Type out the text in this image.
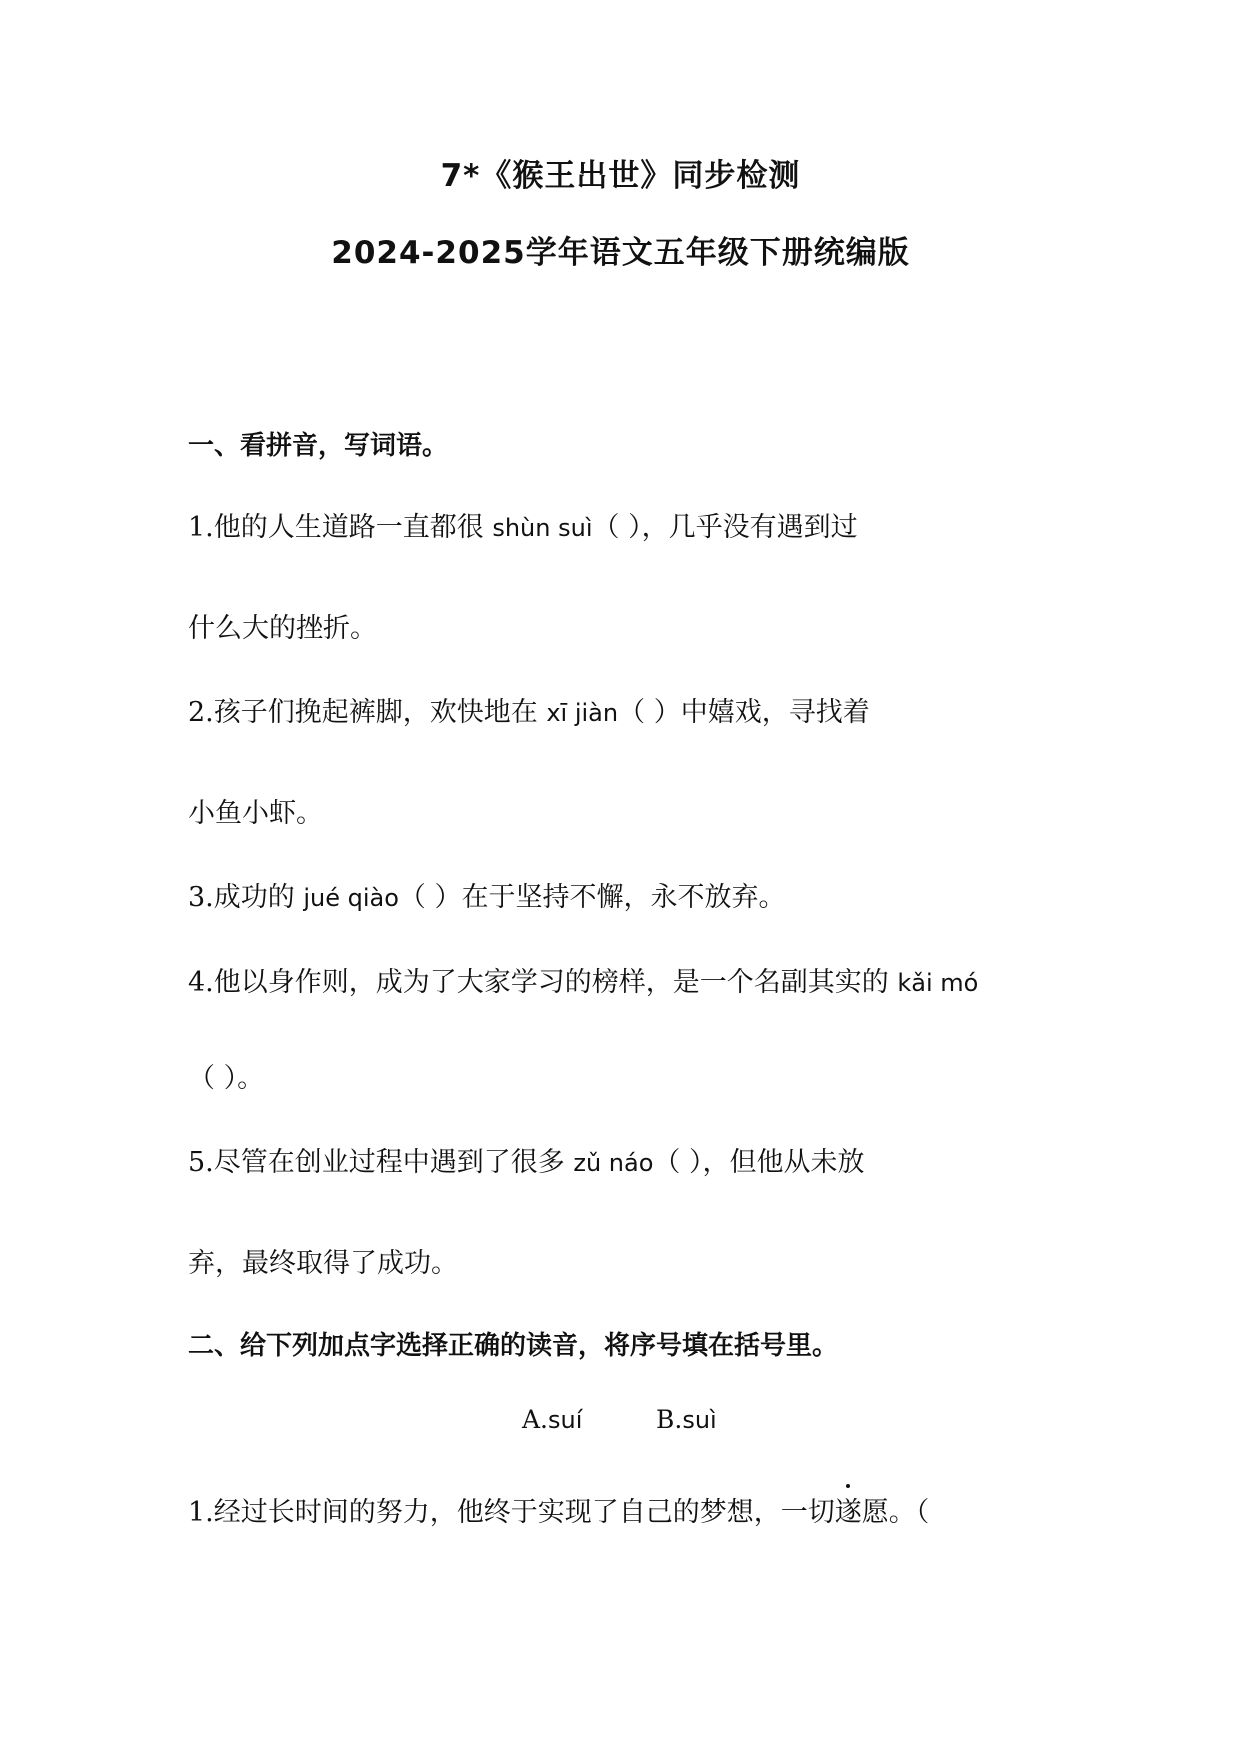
7*《猴王出世》同步检测
2024-2025学年语文五年级下册统编版
一、看拼音，写词语。
1.他的人生道路一直都很 shùn suì（ ），几乎没有遇到过
什么大的挫折。
2.孩子们挽起裤脚，欢快地在 xī jiàn（ ）中嬉戏，寻找着
小鱼小虾。
3.成功的 jué qiào（ ）在于坚持不懈，永不放弃。
4.他以身作则，成为了大家学习的榜样，是一个名副其实的 kǎi mó
（ ）。
5.尽管在创业过程中遇到了很多 zǔ náo（ ），但他从未放
弃，最终取得了成功。
二、给下列加点字选择正确的读音，将序号填在括号里。
A.suí	B.suì
1.经过长时间的努力，他终于实现了自己的梦想，一切遂愿。（
